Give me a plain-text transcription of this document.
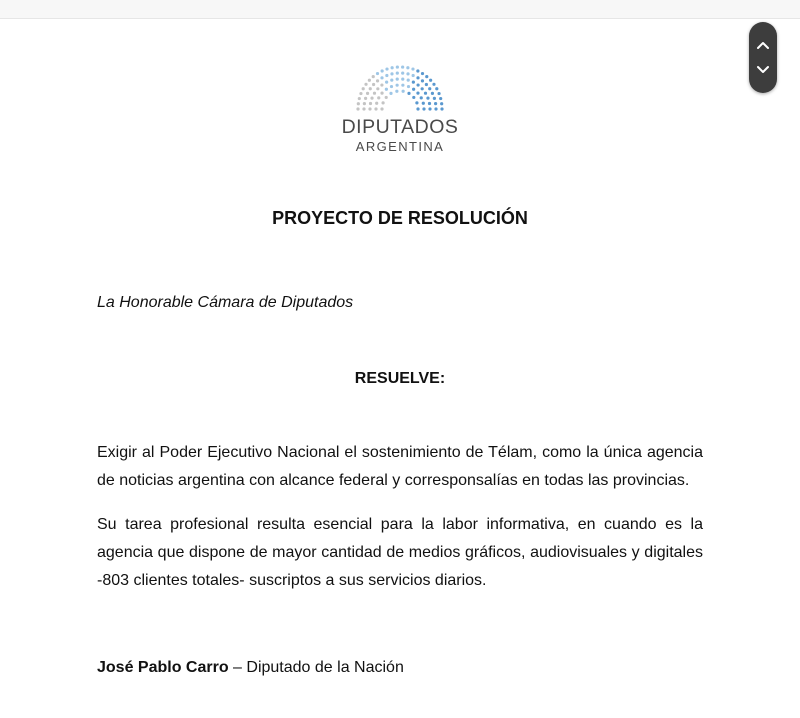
DIPUTADOS
ARGENTINA
PROYECTO DE RESOLUCIÓN
La Honorable Cámara de Diputados
RESUELVE:
Exigir al Poder Ejecutivo Nacional el sostenimiento de Télam, como la única agencia de noticias argentina con alcance federal y corresponsalías en todas las provincias.
Su tarea profesional resulta esencial para la labor informativa, en cuando es la agencia que dispone de mayor cantidad de medios gráficos, audiovisuales y digitales -803 clientes totales- suscriptos a sus servicios diarios.
José Pablo Carro – Diputado de la Nación
